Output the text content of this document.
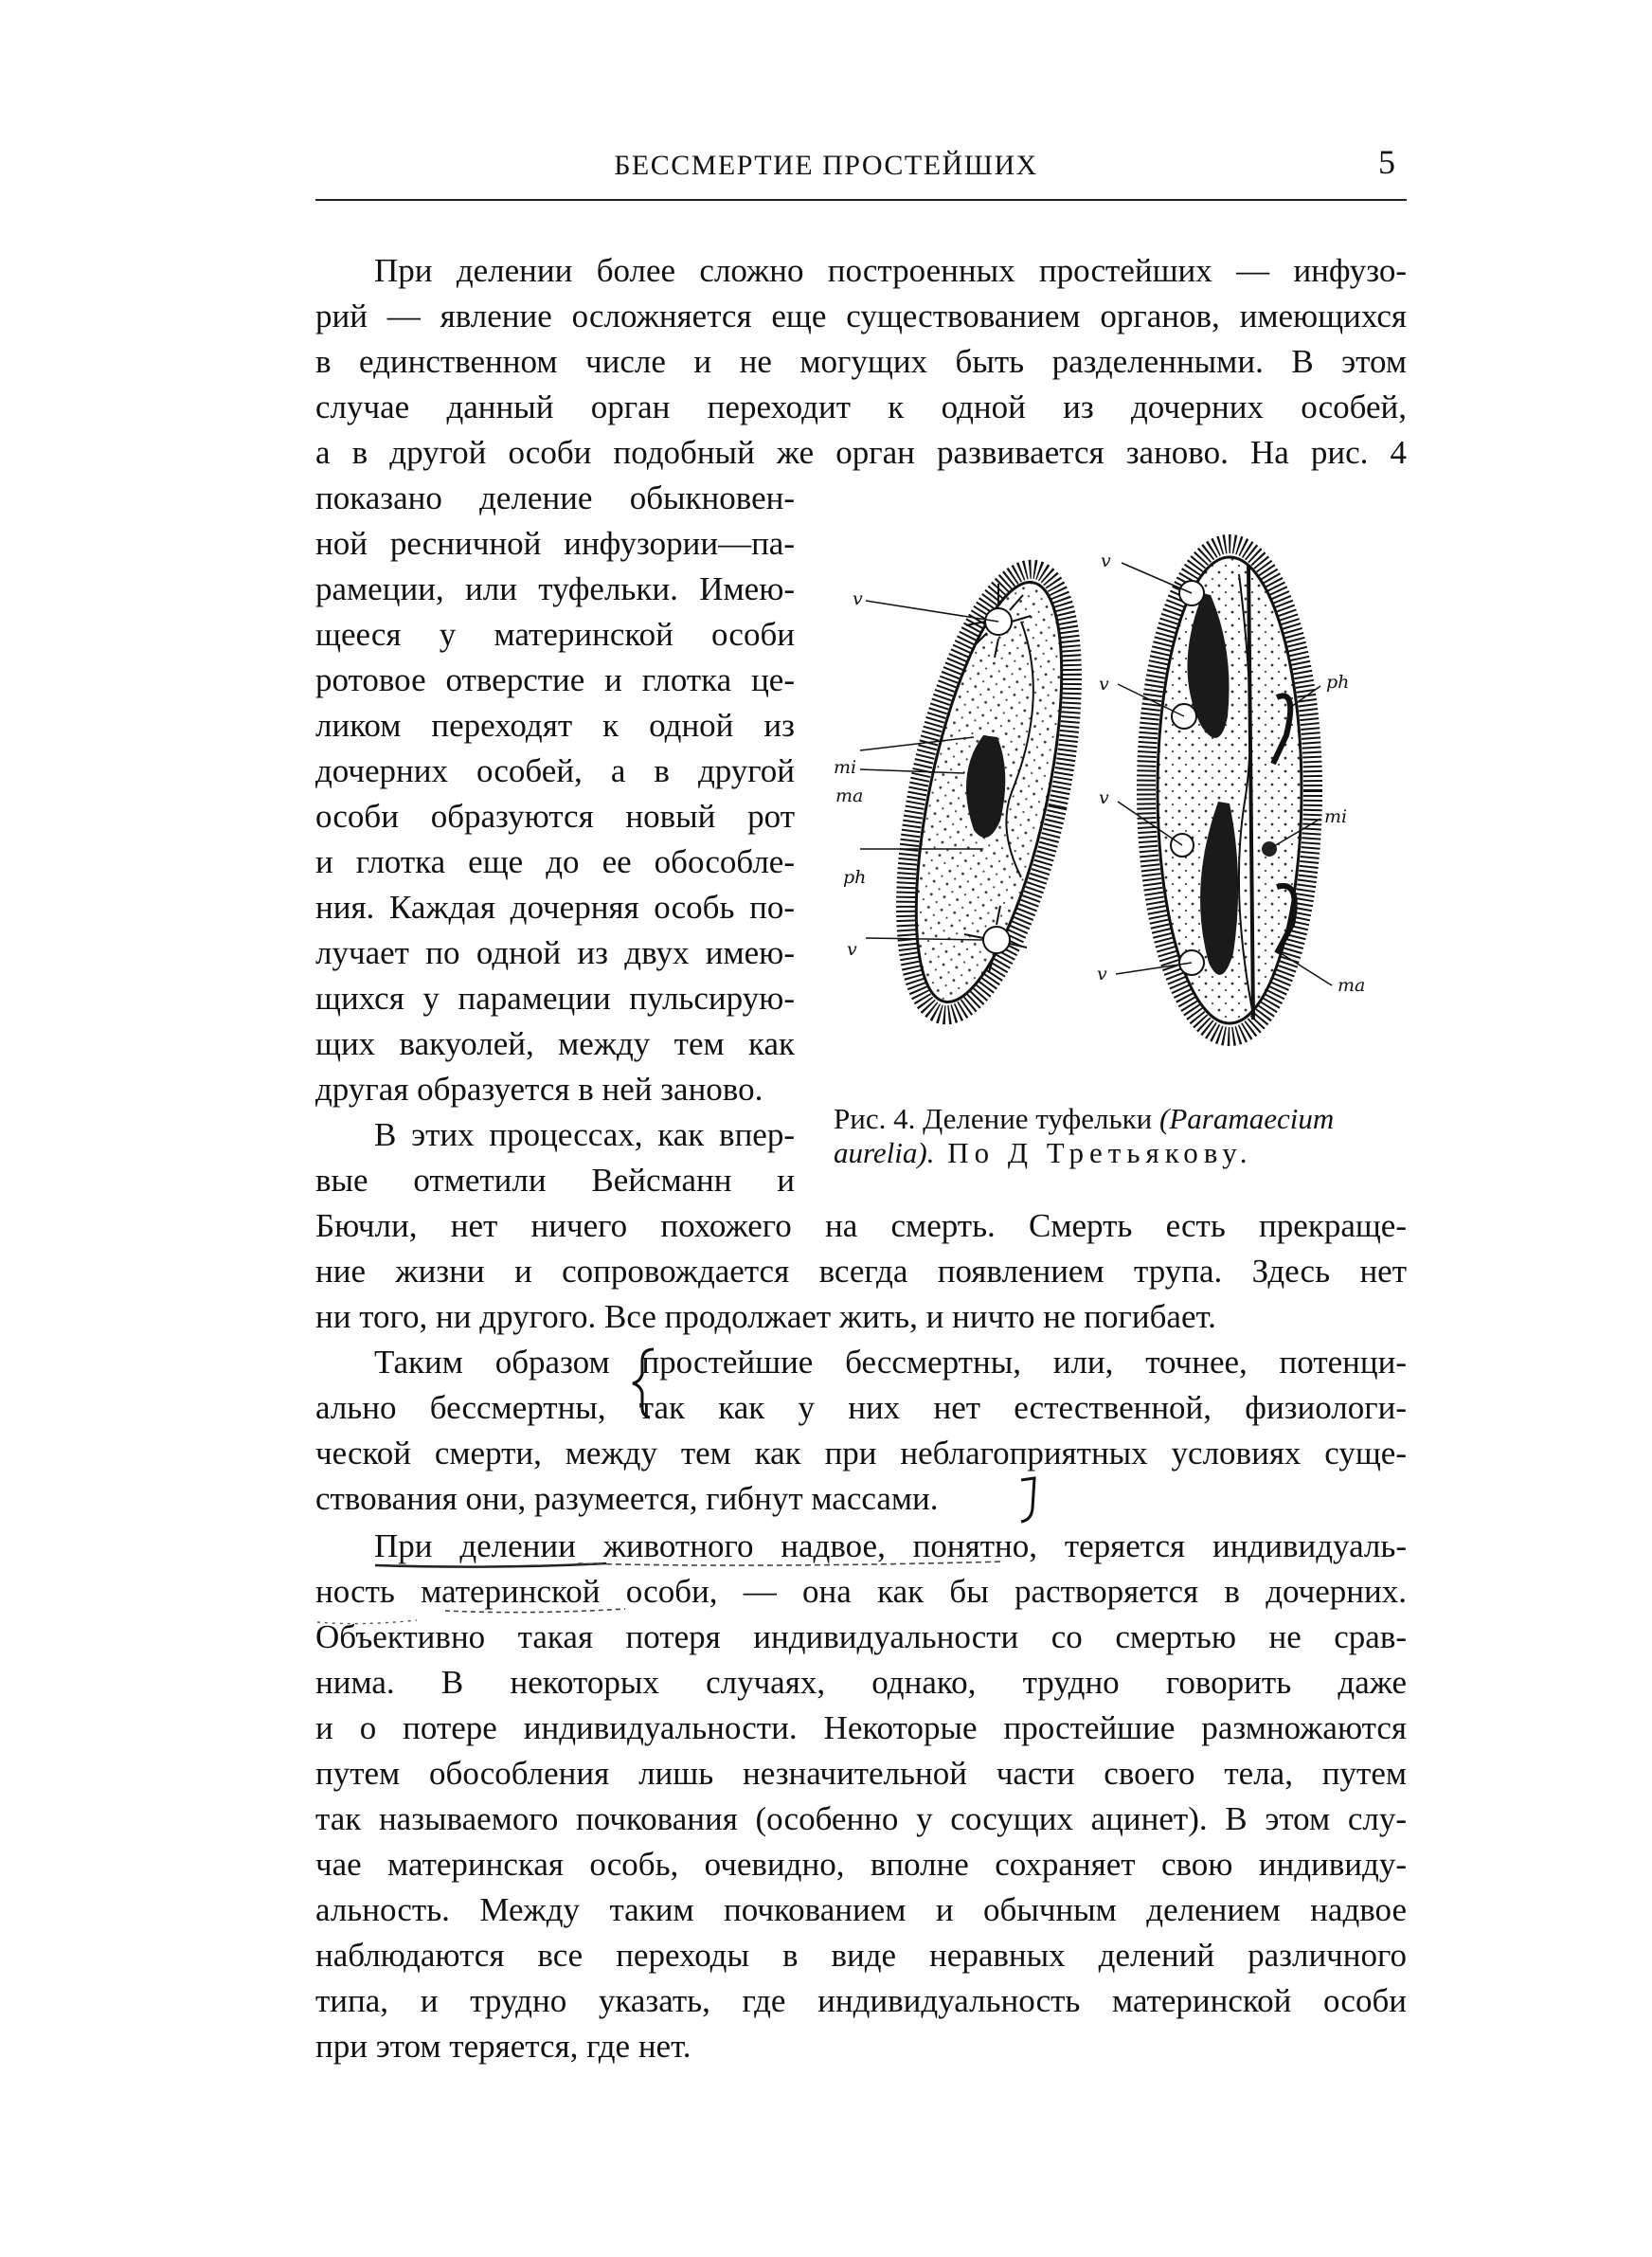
БЕССМЕРТИЕ ПРОСТЕЙШИХ	5
При делении более сложно построенных простейших — инфузо-
рий — явление осложняется еще существованием органов, имеющихся
в единственном числе и не могущих быть разделенными. В этом
случае данный орган переходит к одной из дочерних особей,
а в другой особи подобный же орган развивается заново. На рис. 4
показано деление обыкновен-
ной ресничной инфузории—па-
рамеции, или туфельки. Имею-
щееся у материнской особи
ротовое отверстие и глотка це-
ликом переходят к одной из
дочерних особей, а в другой
особи образуются новый рот
и глотка еще до ее обособле-
ния. Каждая дочерняя особь по-
лучает по одной из двух имею-
щихся у парамеции пульсирую-
щих вакуолей, между тем как
другая образуется в ней заново.
В этих процессах, как впер-
вые отметили Вейсманн и
Бючли, нет ничего похожего на смерть. Смерть есть прекраще-
ние жизни и сопровождается всегда появлением трупа. Здесь нет
ни того, ни другого. Все продолжает жить, и ничто не погибает.
Таким образом простейшие бессмертны, или, точнее, потенци-
ально бессмертны, так как у них нет естественной, физиологи-
ческой смерти, между тем как при неблагоприятных условиях суще-
ствования они, разумеется, гибнут массами.
При делении животного надвое, понятно, теряется индивидуаль-
ность материнской особи, — она как бы растворяется в дочерних.
Объективно такая потеря индивидуальности со смертью не срав-
нима. В некоторых случаях, однако, трудно говорить даже
и о потере индивидуальности. Некоторые простейшие размножаются
путем обособления лишь незначительной части своего тела, путем
так называемого почкования (особенно у сосущих ацинет). В этом слу-
чае материнская особь, очевидно, вполне сохраняет свою индивиду-
альность. Между таким почкованием и обычным делением надвое
наблюдаются все переходы в виде неравных делений различного
типа, и трудно указать, где индивидуальность материнской особи
при этом теряется, где нет.
v
mi
ma
ph
v
v
v	ph
v
mi
v
ma
Рис. 4. Деление туфельки (Paramaecium
aurelia). По Д Третьякову.
